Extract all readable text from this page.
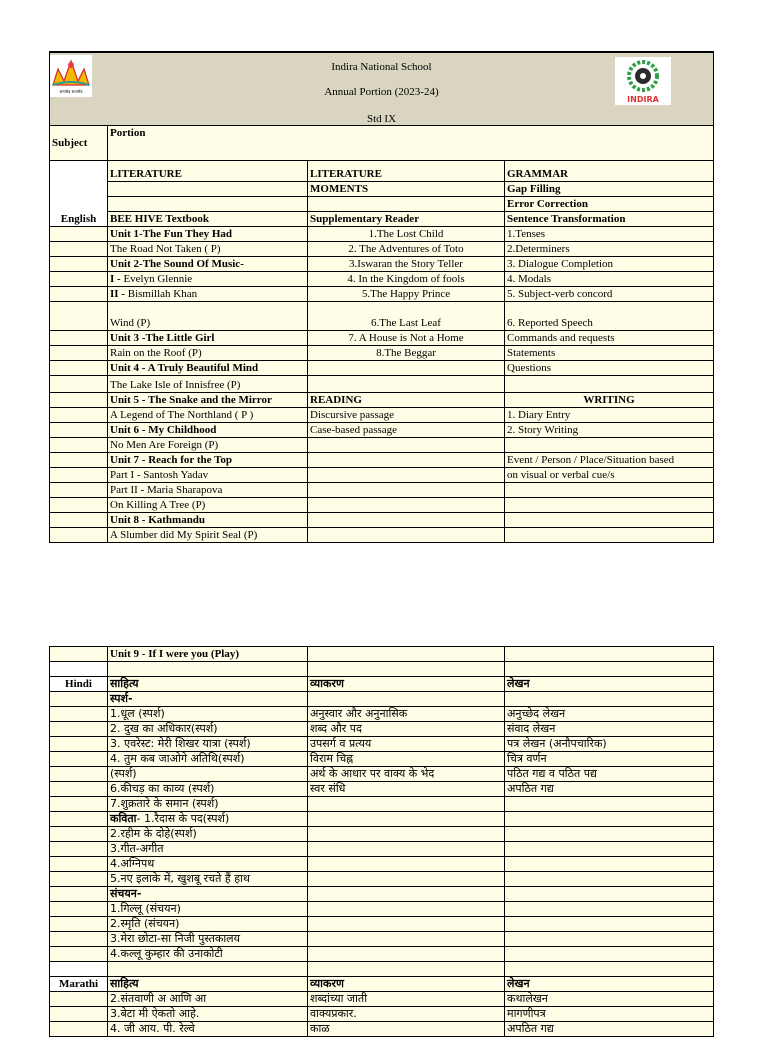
सत्यमेव सत्यमेवं
Indira National School
Annual Portion (2023-24)
Std IX
INDIRA
Subject	Portion		
English	LITERATURE	LITERATURE	GRAMMAR
		MOMENTS	Gap Filling
			Error Correction
	BEE HIVE Textbook	Supplementary Reader	Sentence Transformation
	Unit 1-The Fun They Had	1.The Lost Child	1.Tenses
	The Road Not Taken ( P)	2. The Adventures of Toto	2.Determiners
	Unit 2-The Sound Of Music-	3.Iswaran the Story Teller	3. Dialogue Completion
	I - Evelyn Glennie	4. In the Kingdom of fools	4. Modals
	II - Bismillah Khan	5.The Happy Prince	5. Subject-verb concord
	Wind (P)	6.The Last Leaf	6. Reported Speech
	Unit 3 -The Little Girl	7. A House is Not a Home	Commands and requests
	Rain on the Roof (P)	8.The Beggar	Statements
	Unit 4 - A Truly Beautiful Mind		Questions
	The Lake Isle of Innisfree (P)		
	Unit 5 - The Snake and the Mirror	READING	WRITING
	A Legend of The Northland ( P )	Discursive passage	1. Diary Entry
	Unit 6 - My Childhood	Case-based passage	2. Story Writing
	No Men Are Foreign (P)		
	Unit 7 - Reach for the Top		Event / Person / Place/Situation based
	Part I - Santosh Yadav		on visual or verbal cue/s
	Part II - Maria Sharapova		
	On Killing A Tree (P)		
	Unit 8 - Kathmandu		
	A Slumber did My Spirit Seal (P)		
	Unit 9 - If I were you (Play)		

Hindi	साहित्य	व्याकरण	लेखन
	स्पर्श-		
	1.धूल (स्पर्श)	अनुस्वार और अनुनासिक	अनुच्छेद लेखन
	2. दुख का अधिकार(स्पर्श)	शब्द और पद	संवाद लेखन
	3. एवरेस्ट: मेरी शिखर यात्रा (स्पर्श)	उपसर्ग व प्रत्यय	पत्र लेखन (अनौपचारिक)
	4. तुम कब जाओगे अतिथि(स्पर्श)	विराम चिह्न	चित्र वर्णन
	(स्पर्श)	अर्थ के आधार पर वाक्य के भेद	पठित गद्य व पठित पद्य
	6.कीचड़ का काव्य (स्पर्श)	स्वर संधि	अपठित गद्य
	7.शुक्रतारे के समान (स्पर्श)		
	कविता- 1.रैदास के पद(स्पर्श)		
	2.रहीम के दोहे(स्पर्श)		
	3.गीत-अगीत		
	4.अग्निपथ		
	5.नए इलाके में, खुशबू रचते हैं हाथ		
	संचयन-		
	1.गिल्लू (संचयन)		
	2.स्मृति (संचयन)		
	3.मेरा छोटा-सा निजी पुस्तकालय		
	4.कल्लू कुम्हार की उनाकोटी		

Marathi	साहित्य	व्याकरण	लेखन
	2.संतवाणी अ आणि आ	शब्दांच्या जाती	कथालेखन
	3.बेटा मी ऐकतो आहे.	वाक्यप्रकार.	मागणीपत्र
	4. जी आय. पी. रेल्वे	काळ	अपठित गद्य
